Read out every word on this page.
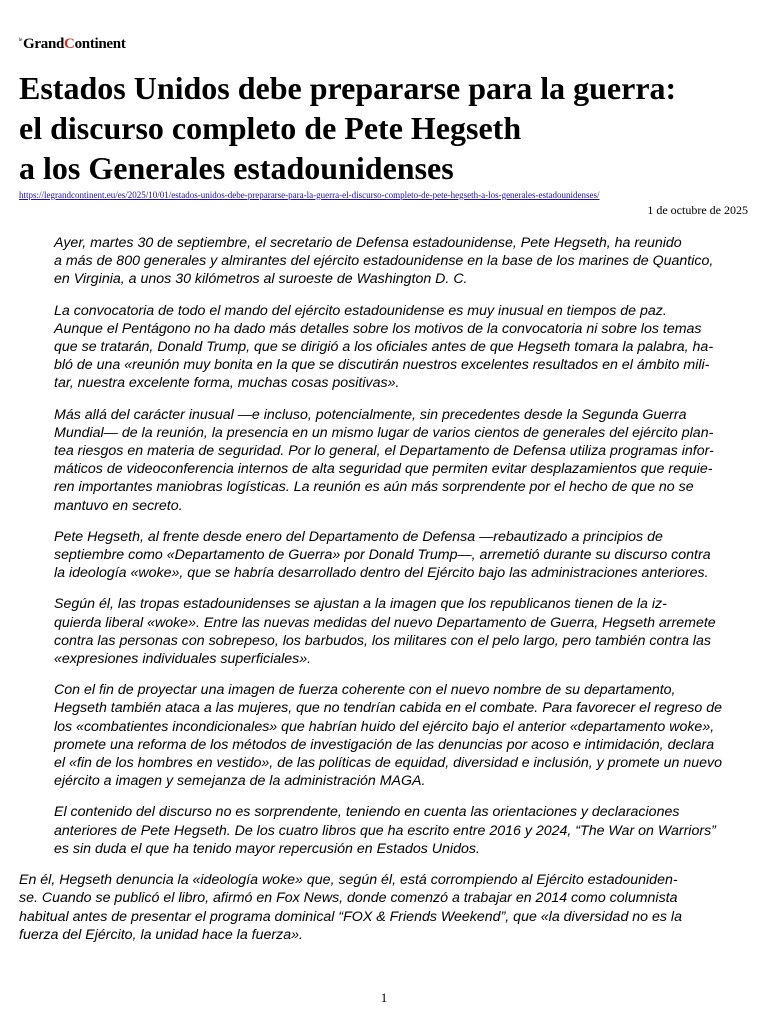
$^{le}$GrandContinent
Estados Unidos debe prepararse para la guerra:
el discurso completo de Pete Hegseth
a los Generales estadounidenses
https://legrandcontinent.eu/es/2025/10/01/estados-unidos-debe-prepararse-para-la-guerra-el-discurso-completo-de-pete-hegseth-a-los-generales-estadounidenses/
1 de octubre de 2025

Ayer, martes 30 de septiembre, el secretario de Defensa estadounidense, Pete Hegseth, ha reunido
a más de 800 generales y almirantes del ejército estadounidense en la base de los marines de Quantico,
en Virginia, a unos 30 kilómetros al suroeste de Washington D. C.

La convocatoria de todo el mando del ejército estadounidense es muy inusual en tiempos de paz.
Aunque el Pentágono no ha dado más detalles sobre los motivos de la convocatoria ni sobre los temas
que se tratarán, Donald Trump, que se dirigió a los oficiales antes de que Hegseth tomara la palabra, ha-
bló de una «reunión muy bonita en la que se discutirán nuestros excelentes resultados en el ámbito mili-
tar, nuestra excelente forma, muchas cosas positivas».

Más allá del carácter inusual —e incluso, potencialmente, sin precedentes desde la Segunda Guerra
Mundial— de la reunión, la presencia en un mismo lugar de varios cientos de generales del ejército plan-
tea riesgos en materia de seguridad. Por lo general, el Departamento de Defensa utiliza programas infor-
máticos de videoconferencia internos de alta seguridad que permiten evitar desplazamientos que requie-
ren importantes maniobras logísticas. La reunión es aún más sorprendente por el hecho de que no se
mantuvo en secreto.

Pete Hegseth, al frente desde enero del Departamento de Defensa —rebautizado a principios de
septiembre como «Departamento de Guerra» por Donald Trump—, arremetió durante su discurso contra
la ideología «woke», que se habría desarrollado dentro del Ejército bajo las administraciones anteriores.

Según él, las tropas estadounidenses se ajustan a la imagen que los republicanos tienen de la iz-
quierda liberal «woke». Entre las nuevas medidas del nuevo Departamento de Guerra, Hegseth arremete
contra las personas con sobrepeso, los barbudos, los militares con el pelo largo, pero también contra las
«expresiones individuales superficiales».

Con el fin de proyectar una imagen de fuerza coherente con el nuevo nombre de su departamento,
Hegseth también ataca a las mujeres, que no tendrían cabida en el combate. Para favorecer el regreso de
los «combatientes incondicionales» que habrían huido del ejército bajo el anterior «departamento woke»,
promete una reforma de los métodos de investigación de las denuncias por acoso e intimidación, declara
el «fin de los hombres en vestido», de las políticas de equidad, diversidad e inclusión, y promete un nuevo
ejército a imagen y semejanza de la administración MAGA.

El contenido del discurso no es sorprendente, teniendo en cuenta las orientaciones y declaraciones
anteriores de Pete Hegseth. De los cuatro libros que ha escrito entre 2016 y 2024, “The War on Warriors”
es sin duda el que ha tenido mayor repercusión en Estados Unidos.

En él, Hegseth denuncia la «ideología woke» que, según él, está corrompiendo al Ejército estadouniden-
se. Cuando se publicó el libro, afirmó en Fox News, donde comenzó a trabajar en 2014 como columnista
habitual antes de presentar el programa dominical “FOX & Friends Weekend”, que «la diversidad no es la
fuerza del Ejército, la unidad hace la fuerza».

1
